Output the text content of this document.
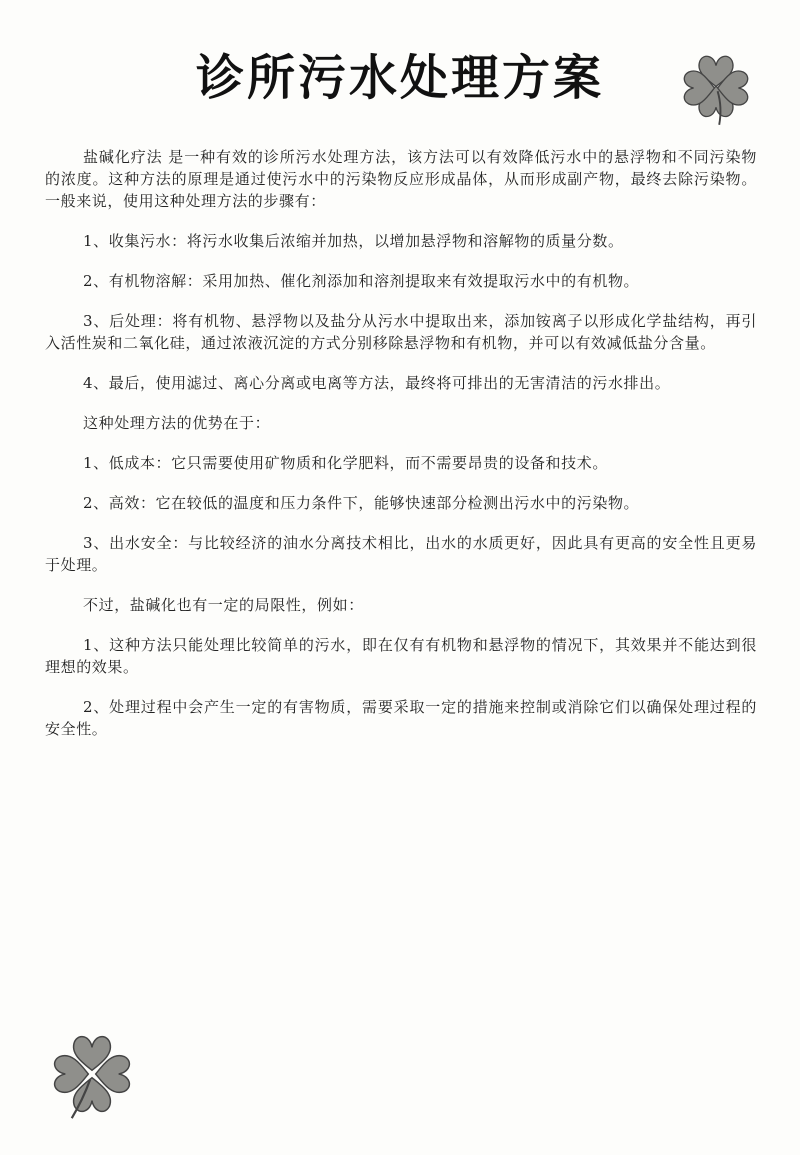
诊所污水处理方案

盐碱化疗法 是一种有效的诊所污水处理方法，该方法可以有效降低污水中的悬浮物和不同污染物的浓度。这种方法的原理是通过使污水中的污染物反应形成晶体，从而形成副产物，最终去除污染物。一般来说，使用这种处理方法的步骤有：

1、收集污水：将污水收集后浓缩并加热，以增加悬浮物和溶解物的质量分数。

2、有机物溶解：采用加热、催化剂添加和溶剂提取来有效提取污水中的有机物。

3、后处理：将有机物、悬浮物以及盐分从污水中提取出来，添加铵离子以形成化学盐结构，再引入活性炭和二氧化硅，通过浓液沉淀的方式分别移除悬浮物和有机物，并可以有效减低盐分含量。

4、最后，使用滤过、离心分离或电离等方法，最终将可排出的无害清洁的污水排出。

这种处理方法的优势在于：

1、低成本：它只需要使用矿物质和化学肥料，而不需要昂贵的设备和技术。

2、高效：它在较低的温度和压力条件下，能够快速部分检测出污水中的污染物。

3、出水安全：与比较经济的油水分离技术相比，出水的水质更好，因此具有更高的安全性且更易于处理。

不过，盐碱化也有一定的局限性，例如：

1、这种方法只能处理比较简单的污水，即在仅有有机物和悬浮物的情况下，其效果并不能达到很理想的效果。

2、处理过程中会产生一定的有害物质，需要采取一定的措施来控制或消除它们以确保处理过程的安全性。
